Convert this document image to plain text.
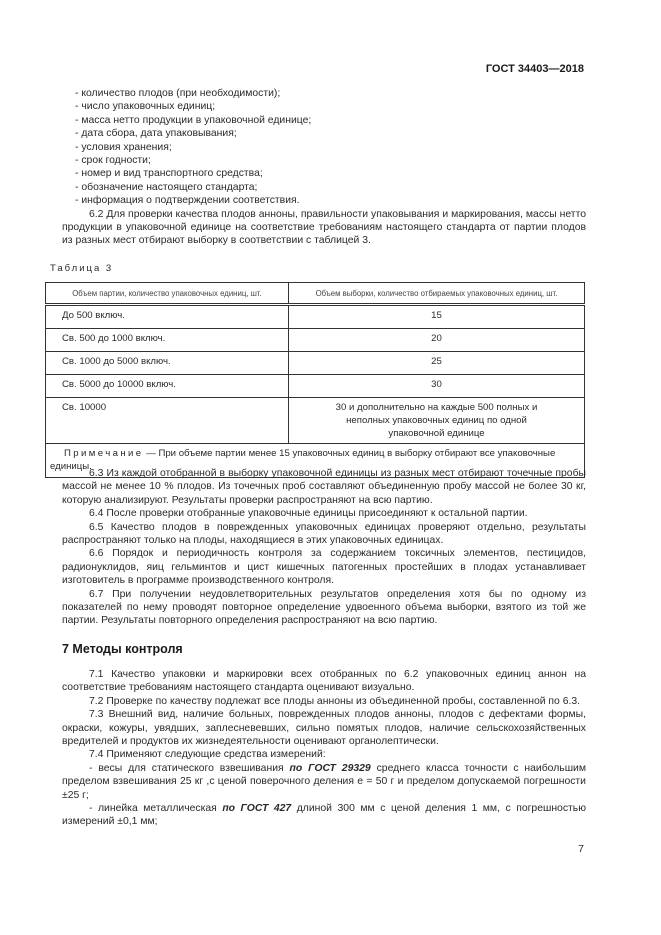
ГОСТ 34403—2018
- количество плодов (при необходимости);
- число упаковочных единиц;
- масса нетто продукции в упаковочной единице;
- дата сбора, дата упаковывания;
- условия хранения;
- срок годности;
- номер и вид транспортного средства;
- обозначение настоящего стандарта;
- информация о подтверждении соответствия.

6.2 Для проверки качества плодов анноны, правильности упаковывания и маркирования, массы нетто продукции в упаковочной единице на соответствие требованиям настоящего стандарта от партии плодов из разных мест отбирают выборку в соответствии с таблицей 3.

Таблица 3
Объем партии, количество упаковочных единиц, шт.	Объем выборки, количество отбираемых упаковочных единиц, шт.
До 500 включ.	15
Св. 500 до 1000 включ.	20
Св. 1000 до 5000 включ.	25
Св. 5000 до 10000 включ.	30
Св. 10000	30 и дополнительно на каждые 500 полных и неполных упаковочных единиц по одной упаковочной единице
Примечание — При объеме партии менее 15 упаковочных единиц в выборку отбирают все упаковочные единицы.	

6.3 Из каждой отобранной в выборку упаковочной единицы из разных мест отбирают точечные пробы массой не менее 10 % плодов. Из точечных проб составляют объединенную пробу массой не более 30 кг, которую анализируют. Результаты проверки распространяют на всю партию.

6.4 После проверки отобранные упаковочные единицы присоединяют к остальной партии.

6.5 Качество плодов в поврежденных упаковочных единицах проверяют отдельно, результаты распространяют только на плоды, находящиеся в этих упаковочных единицах.

6.6 Порядок и периодичность контроля за содержанием токсичных элементов, пестицидов, радионуклидов, яиц гельминтов и цист кишечных патогенных простейших в плодах устанавливает изготовитель в программе производственного контроля.

6.7 При получении неудовлетворительных результатов определения хотя бы по одному из показателей по нему проводят повторное определение удвоенного объема выборки, взятого из той же партии. Результаты повторного определения распространяют на всю партию.

7 Методы контроля

7.1 Качество упаковки и маркировки всех отобранных по 6.2 упаковочных единиц аннон на соответствие требованиям настоящего стандарта оценивают визуально.

7.2 Проверке по качеству подлежат все плоды анноны из объединенной пробы, составленной по 6.3.

7.3 Внешний вид, наличие больных, поврежденных плодов анноны, плодов с дефектами формы, окраски, кожуры, увядших, заплесневевших, сильно помятых плодов, наличие сельскохозяйственных вредителей и продуктов их жизнедеятельности оценивают органолептически.

7.4 Применяют следующие средства измерений:

- весы для статического взвешивания по ГОСТ 29329 среднего класса точности с наибольшим пределом взвешивания 25 кг ,с ценой поверочного деления е = 50 г и пределом допускаемой погрешности ±25 г;

- линейка металлическая по ГОСТ 427 длиной 300 мм с ценой деления 1 мм, с погрешностью измерений ±0,1 мм;

7
